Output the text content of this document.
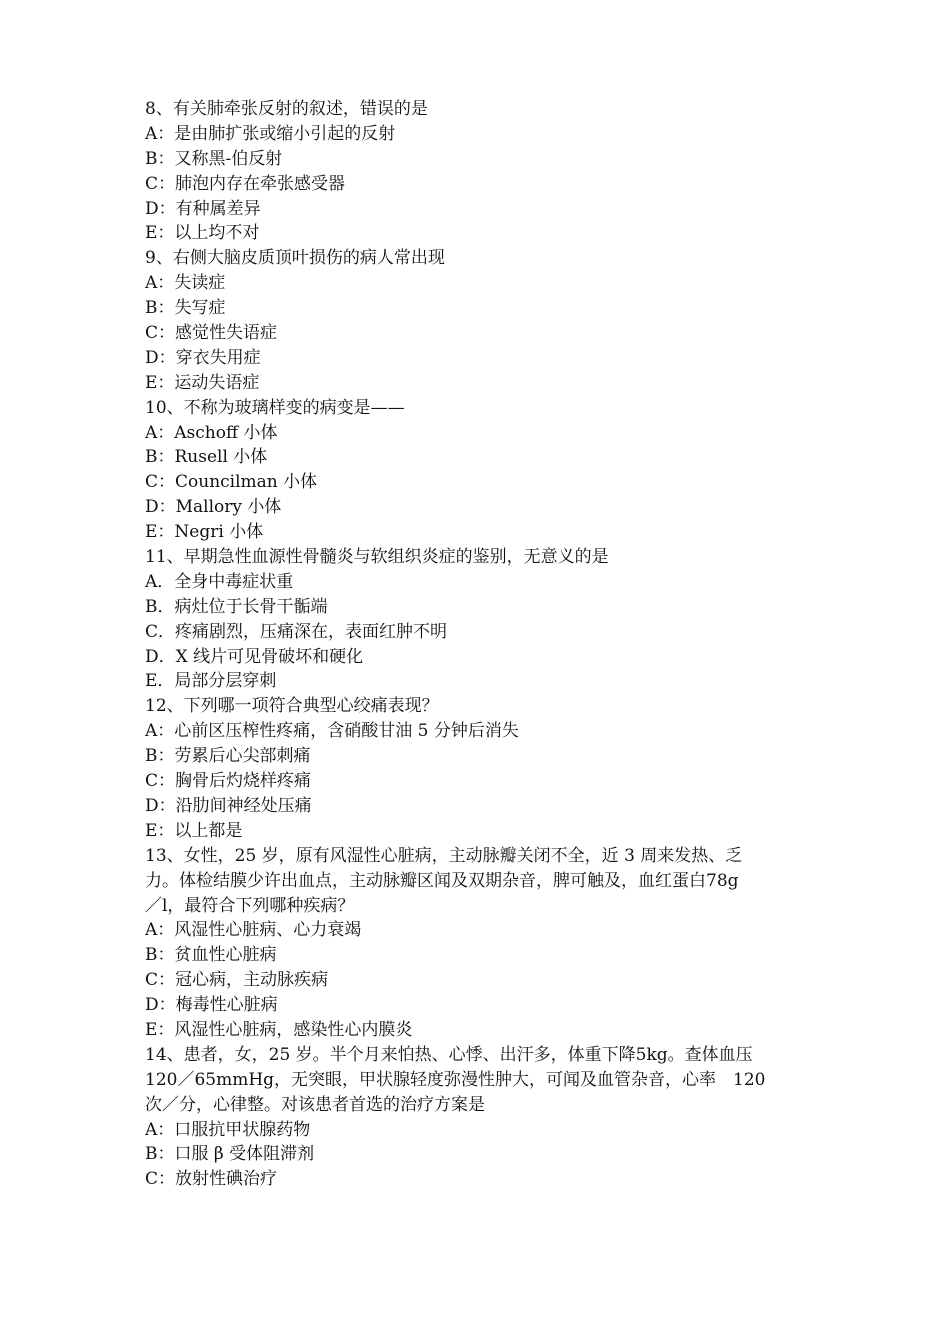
8、有关肺牵张反射的叙述，错误的是
A：是由肺扩张或缩小引起的反射
B：又称黑-伯反射
C：肺泡内存在牵张感受器
D：有种属差异
E：以上均不对
9、右侧大脑皮质顶叶损伤的病人常出现
A：失读症
B：失写症
C：感觉性失语症
D：穿衣失用症
E：运动失语症
10、不称为玻璃样变的病变是——
A：Aschoff 小体
B：Rusell 小体
C：Councilman 小体
D：Mallory 小体
E：Negri 小体
11、早期急性血源性骨髓炎与软组织炎症的鉴别，无意义的是
A．全身中毒症状重
B．病灶位于长骨干骺端
C．疼痛剧烈，压痛深在，表面红肿不明
D．X 线片可见骨破坏和硬化
E．局部分层穿刺
12、下列哪一项符合典型心绞痛表现？
A：心前区压榨性疼痛，含硝酸甘油 5 分钟后消失
B：劳累后心尖部刺痛
C：胸骨后灼烧样疼痛
D：沿肋间神经处压痛
E：以上都是
13、女性，25 岁，原有风湿性心脏病，主动脉瓣关闭不全，近 3 周来发热、乏
力。体检结膜少许出血点，主动脉瓣区闻及双期杂音，脾可触及，血红蛋白78g
／l，最符合下列哪种疾病？
A：风湿性心脏病、心力衰竭
B：贫血性心脏病
C：冠心病，主动脉疾病
D：梅毒性心脏病
E：风湿性心脏病，感染性心内膜炎
14、患者，女，25 岁。半个月来怕热、心悸、出汗多，体重下降5kg。查体血压
120／65mmHg，无突眼，甲状腺轻度弥漫性肿大，可闻及血管杂音，心率　120
次／分，心律整。对该患者首选的治疗方案是
A：口服抗甲状腺药物
B：口服 β 受体阻滞剂
C：放射性碘治疗
